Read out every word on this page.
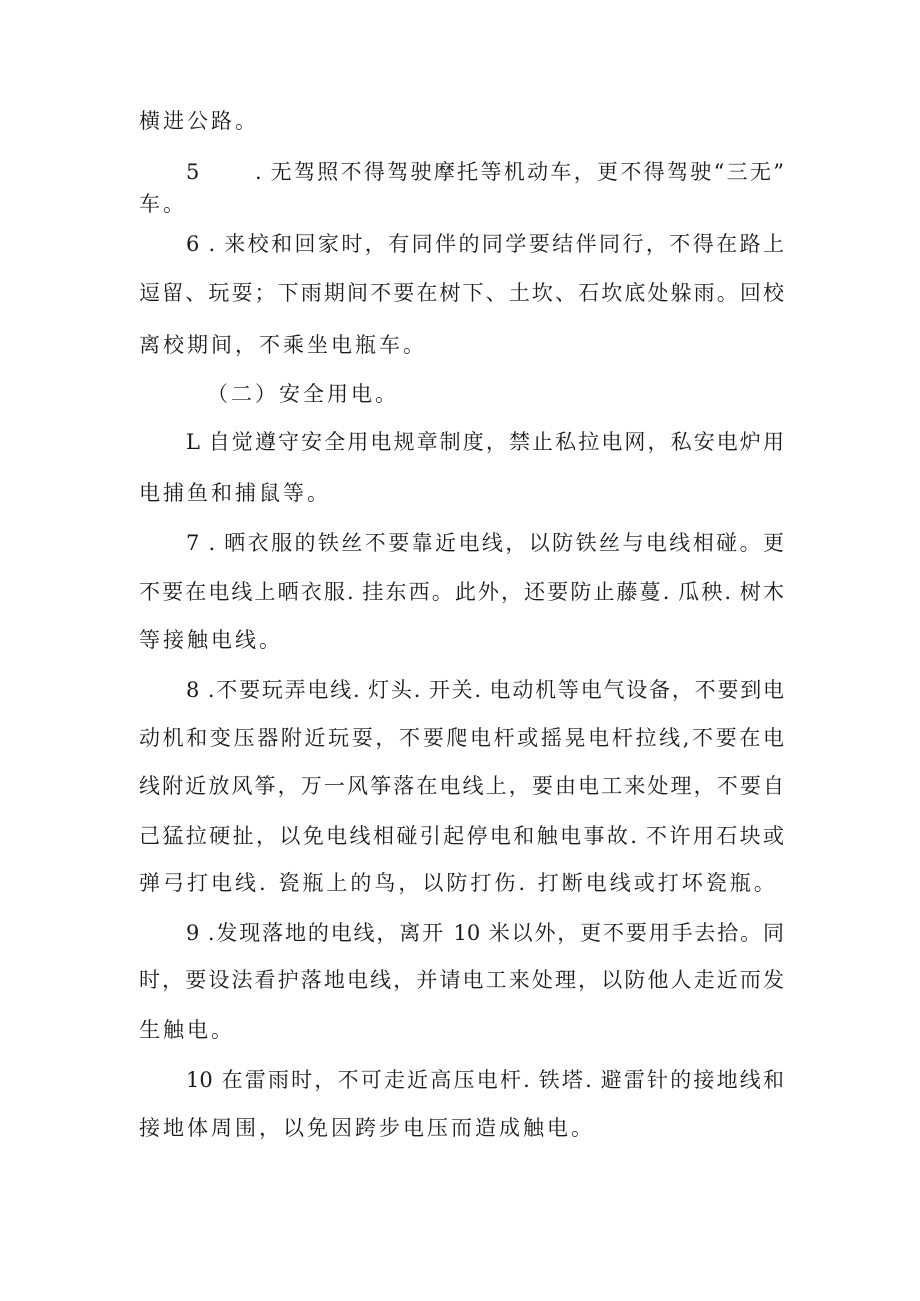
横进公路。
5 　　. 无驾照不得驾驶摩托等机动车，更不得驾驶“三无”
车。
6 . 来校和回家时，有同伴的同学要结伴同行，不得在路上
逗留、玩耍；下雨期间不要在树下、土坎、石坎底处躲雨。回校
离校期间，不乘坐电瓶车。
（二）安全用电。
L 自觉遵守安全用电规章制度，禁止私拉电网，私安电炉用
电捕鱼和捕鼠等。
7 . 晒衣服的铁丝不要靠近电线，以防铁丝与电线相碰。更
不要在电线上晒衣服. 挂东西。此外，还要防止藤蔓. 瓜秧. 树木
等接触电线。
8 .不要玩弄电线. 灯头. 开关. 电动机等电气设备，不要到电
动机和变压器附近玩耍，不要爬电杆或摇晃电杆拉线,不要在电
线附近放风筝，万一风筝落在电线上，要由电工来处理，不要自
己猛拉硬扯，以免电线相碰引起停电和触电事故. 不许用石块或
弹弓打电线. 瓷瓶上的鸟，以防打伤. 打断电线或打坏瓷瓶。
9 .发现落地的电线，离开 10 米以外，更不要用手去拾。同
时，要设法看护落地电线，并请电工来处理，以防他人走近而发
生触电。
10 在雷雨时，不可走近高压电杆. 铁塔. 避雷针的接地线和
接地体周围，以免因跨步电压而造成触电。
